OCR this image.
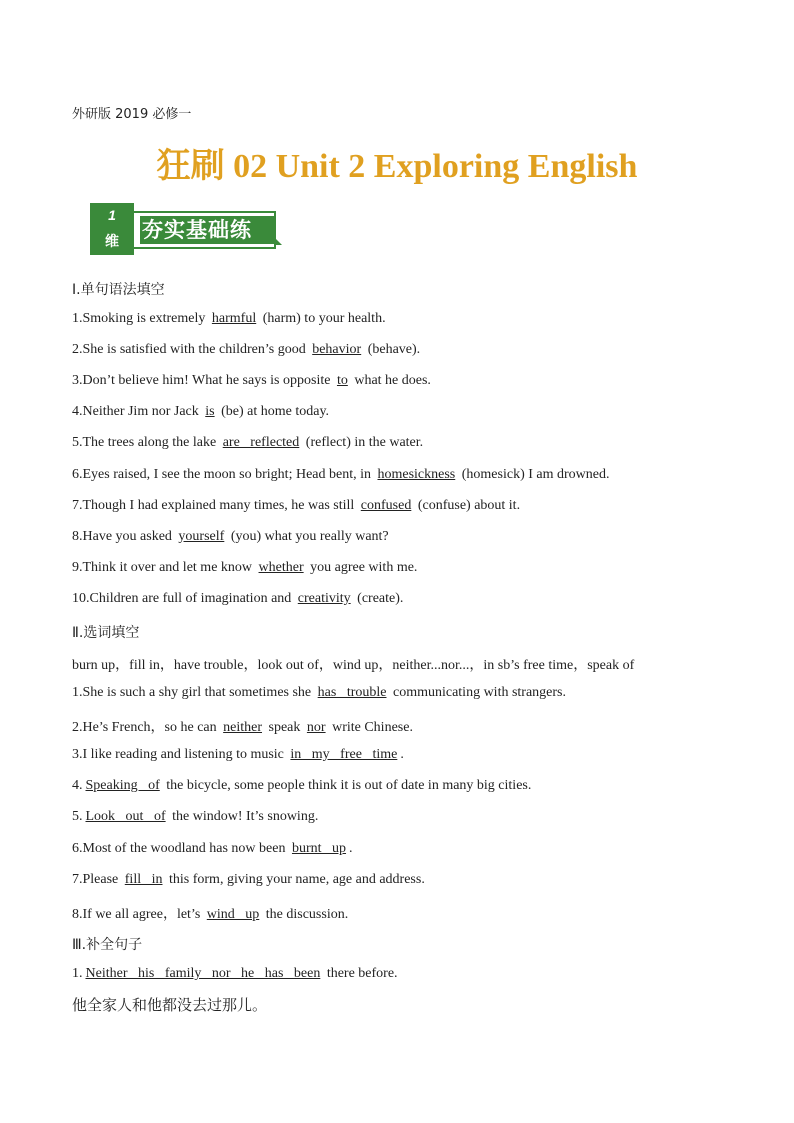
外研版 2019 必修一
狂刷 02 Unit 2 Exploring English
1
维	夯实基础练
Ⅰ.单句语法填空
1.Smoking is extremely harmful (harm) to your health.
2.She is satisfied with the children’s good behavior (behave).
3.Don’t believe him! What he says is opposite to what he does.
4.Neither Jim nor Jack is (be) at home today.
5.The trees along the lake are   reflected (reflect) in the water.
6.Eyes raised, I see the moon so bright; Head bent, in homesickness (homesick) I am drowned.
7.Though I had explained many times, he was still confused (confuse) about it.
8.Have you asked yourself (you) what you really want?
9.Think it over and let me know whether you agree with me.
10.Children are full of imagination and creativity (create).
Ⅱ.选词填空
burn up，fill in，have trouble，look out of，wind up，neither...nor...，in sb’s free time，speak of
1.She is such a shy girl that sometimes she has   trouble communicating with strangers.
2.He’s French，so he can neither speak nor write Chinese.
3.I like reading and listening to music in   my   free   time .
4. Speaking   of the bicycle, some people think it is out of date in many big cities.
5. Look   out   of the window! It’s snowing.
6.Most of the woodland has now been burnt   up .
7.Please fill   in this form, giving your name, age and address.
8.If we all agree，let’s wind   up the discussion.
Ⅲ.补全句子
1. Neither   his   family   nor   he   has   been there before.
他全家人和他都没去过那儿。
